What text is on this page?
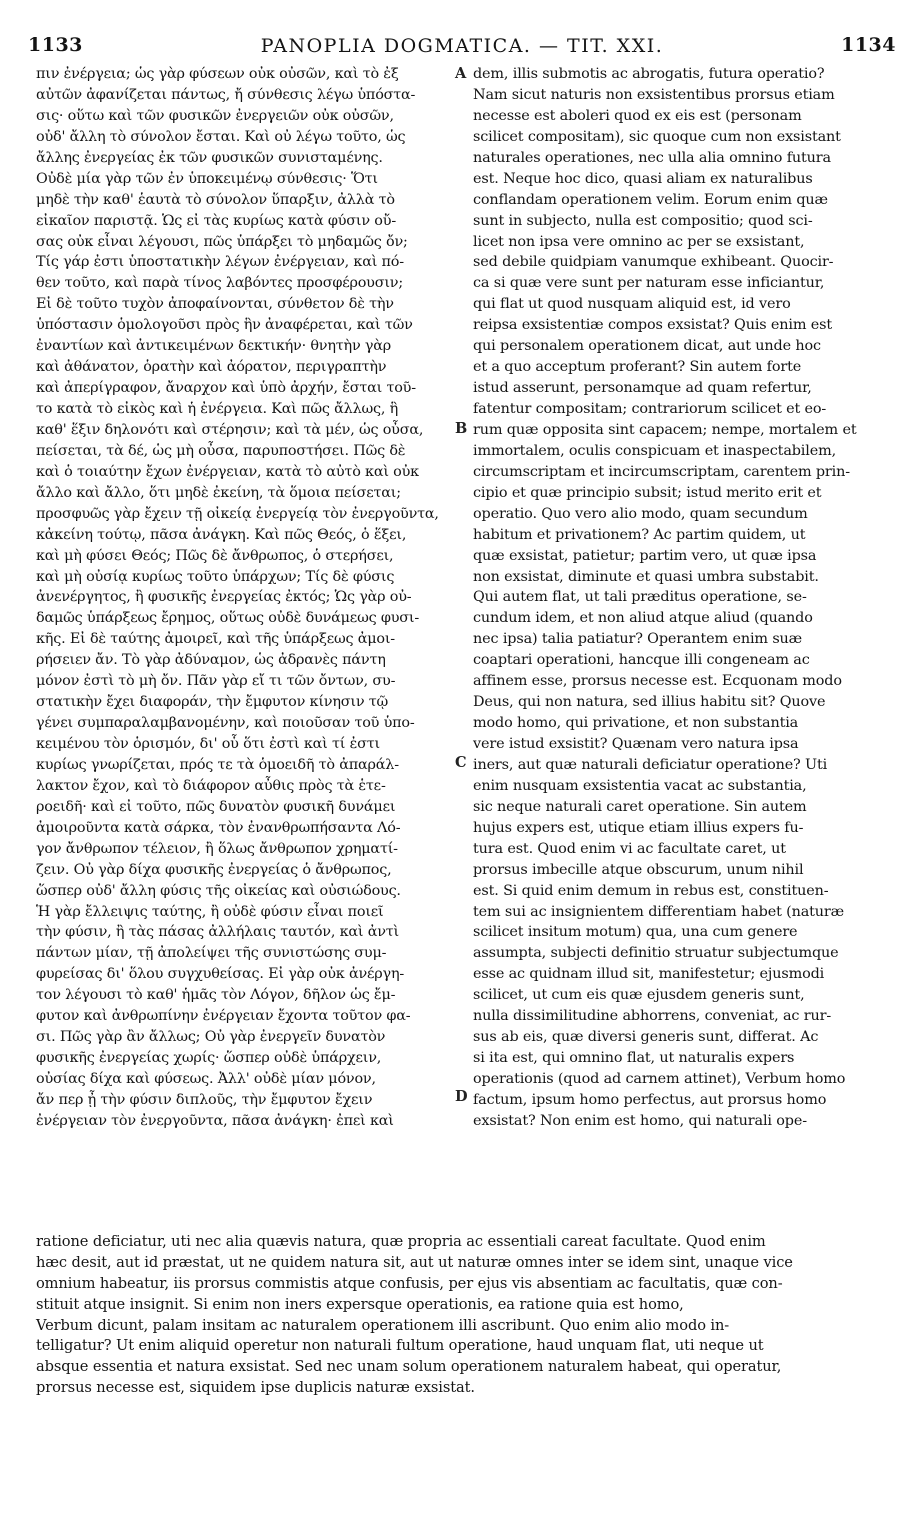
1133	PANOPLIA DOGMATICA. — TIT. XXI.	1134
πιν ἐνέργεια; ὡς γὰρ φύσεων οὐκ οὐσῶν, καὶ τὸ ἐξ
αὐτῶν ἀφανίζεται πάντως, ἤ σύνθεσις λέγω ὑπόστα-
σις· οὕτω καὶ τῶν φυσικῶν ἐνεργειῶν οὐκ οὐσῶν,
οὐδ' ἄλλη τὸ σύνολον ἔσται. Καὶ οὐ λέγω τοῦτο, ὡς
ἄλλης ἐνεργείας ἐκ τῶν φυσικῶν συνισταμένης.
Οὐδὲ μία γὰρ τῶν ἐν ὑποκειμένῳ σύνθεσις· Ὅτι
μηδὲ τὴν καθ' ἑαυτὰ τὸ σύνολον ὕπαρξιν, ἀλλὰ τὸ
εἰκαῖον παριστᾷ. Ὡς εἰ τὰς κυρίως κατὰ φύσιν οὔ-
σας οὐκ εἶναι λέγουσι, πῶς ὑπάρξει τὸ μηδαμῶς ὄν;
Τίς γάρ ἐστι ὑποστατικὴν λέγων ἐνέργειαν, καὶ πό-
θεν τοῦτο, καὶ παρὰ τίνος λαβόντες προσφέρουσιν;
Εἰ δὲ τοῦτο τυχὸν ἀποφαίνονται, σύνθετον δὲ τὴν
ὑπόστασιν ὁμολογοῦσι πρὸς ἣν ἀναφέρεται, καὶ τῶν
ἐναντίων καὶ ἀντικειμένων δεκτικήν· θνητὴν γὰρ
καὶ ἀθάνατον, ὁρατὴν καὶ ἀόρατον, περιγραπτὴν
καὶ ἀπερίγραφον, ἄναρχον καὶ ὑπὸ ἀρχήν, ἔσται τοῦ-
το κατὰ τὸ εἰκὸς καὶ ἡ ἐνέργεια. Καὶ πῶς ἄλλως, ἣ
καθ' ἕξιν δηλονότι καὶ στέρησιν; καὶ τὰ μέν, ὡς οὖσα,
πείσεται, τὰ δέ, ὡς μὴ οὖσα, παρυποστήσει. Πῶς δὲ
καὶ ὁ τοιαύτην ἔχων ἐνέργειαν, κατὰ τὸ αὐτὸ καὶ οὐκ
ἄλλο καὶ ἄλλο, ὅτι μηδὲ ἐκείνη, τὰ ὅμοια πείσεται;
προσφυῶς γὰρ ἔχειν τῇ οἰκείᾳ ἐνεργείᾳ τὸν ἐνεργοῦντα,
κἀκείνη τούτῳ, πᾶσα ἀνάγκη. Καὶ πῶς Θεός, ὁ ἕξει,
καὶ μὴ φύσει Θεός; Πῶς δὲ ἄνθρωπος, ὁ στερήσει,
καὶ μὴ οὐσίᾳ κυρίως τοῦτο ὑπάρχων; Τίς δὲ φύσις
ἀνενέργητος, ἢ φυσικῆς ἐνεργείας ἐκτός; Ὡς γὰρ οὐ-
δαμῶς ὑπάρξεως ἔρημος, οὕτως οὐδὲ δυνάμεως φυσι-
κῆς. Εἰ δὲ ταύτης ἀμοιρεῖ, καὶ τῆς ὑπάρξεως ἀμοι-
ρήσειεν ἄν. Τὸ γὰρ ἀδύναμον, ὡς ἀδρανὲς πάντη
μόνον ἐστὶ τὸ μὴ ὄν. Πᾶν γὰρ εἴ τι τῶν ὄντων, συ-
στατικὴν ἔχει διαφοράν, τὴν ἔμφυτον κίνησιν τῷ
γένει συμπαραλαμβανομένην, καὶ ποιοῦσαν τοῦ ὑπο-
κειμένου τὸν ὁρισμόν, δι' οὗ ὅτι ἐστὶ καὶ τί ἐστι
κυρίως γνωρίζεται, πρός τε τὰ ὁμοειδῆ τὸ ἀπαράλ-
λακτον ἔχον, καὶ τὸ διάφορον αὖθις πρὸς τὰ ἑτε-
ροειδῆ· καὶ εἰ τοῦτο, πῶς δυνατὸν φυσικῆ δυνάμει
ἀμοιροῦντα κατὰ σάρκα, τὸν ἐνανθρωπήσαντα Λό-
γον ἄνθρωπον τέλειον, ἢ ὅλως ἄνθρωπον χρηματί-
ζειν. Οὐ γὰρ δίχα φυσικῆς ἐνεργείας ὁ ἄνθρωπος,
ὥσπερ οὐδ' ἄλλη φύσις τῆς οἰκείας καὶ οὐσιώδους.
Ἡ γὰρ ἔλλειψις ταύτης, ἢ οὐδὲ φύσιν εἶναι ποιεῖ
τὴν φύσιν, ἢ τὰς πάσας ἀλλήλαις ταυτόν, καὶ ἀντὶ
πάντων μίαν, τῇ ἀπολείψει τῆς συνιστώσης συμ-
φυρείσας δι' ὅλου συγχυθείσας. Εἰ γὰρ οὐκ ἀνέργη-
τον λέγουσι τὸ καθ' ἡμᾶς τὸν Λόγον, δῆλον ὡς ἔμ-
φυτον καὶ ἀνθρωπίνην ἐνέργειαν ἔχοντα τοῦτον φα-
σι. Πῶς γὰρ ἂν ἄλλως; Οὐ γὰρ ἐνεργεῖν δυνατὸν
φυσικῆς ἐνεργείας χωρίς· ὥσπερ οὐδὲ ὑπάρχειν,
οὐσίας δίχα καὶ φύσεως. Ἀλλ' οὐδὲ μίαν μόνον,
ἄν περ ᾖ τὴν φύσιν διπλοῦς, τὴν ἔμφυτον ἔχειν
ἐνέργειαν τὸν ἐνεργοῦντα, πᾶσα ἀνάγκη· ἐπεὶ καὶ
dem, illis submotis ac abrogatis, futura operatio?
Nam sicut naturis non exsistentibus prorsus etiam
necesse est aboleri quod ex eis est (personam
scilicet compositam), sic quoque cum non exsistant
naturales operationes, nec ulla alia omnino futura
est. Neque hoc dico, quasi aliam ex naturalibus
conflandam operationem velim. Eorum enim quæ
sunt in subjecto, nulla est compositio; quod sci-
licet non ipsa vere omnino ac per se exsistant,
sed debile quidpiam vanumque exhibeant. Quocir-
ca si quæ vere sunt per naturam esse inficiantur,
qui flat ut quod nusquam aliquid est, id vero
reipsa exsistentiæ compos exsistat? Quis enim est
qui personalem operationem dicat, aut unde hoc
et a quo acceptum proferant? Sin autem forte
istud asserunt, personamque ad quam refertur,
fatentur compositam; contrariorum scilicet et eo-
rum quæ opposita sint capacem; nempe, mortalem et
immortalem, oculis conspicuam et inaspectabilem,
circumscriptam et incircumscriptam, carentem prin-
cipio et quæ principio subsit; istud merito erit et
operatio. Quo vero alio modo, quam secundum
habitum et privationem? Ac partim quidem, ut
quæ exsistat, patietur; partim vero, ut quæ ipsa
non exsistat, diminute et quasi umbra substabit.
Qui autem flat, ut tali præditus operatione, se-
cundum idem, et non aliud atque aliud (quando
nec ipsa) talia patiatur? Operantem enim suæ
coaptari operationi, hancque illi congeneam ac
affinem esse, prorsus necesse est. Ecquonam modo
Deus, qui non natura, sed illius habitu sit? Quove
modo homo, qui privatione, et non substantia
vere istud exsistit? Quænam vero natura ipsa
iners, aut quæ naturali deficiatur operatione? Uti
enim nusquam exsistentia vacat ac substantia,
sic neque naturali caret operatione. Sin autem
hujus expers est, utique etiam illius expers fu-
tura est. Quod enim vi ac facultate caret, ut
prorsus imbecille atque obscurum, unum nihil
est. Si quid enim demum in rebus est, constituen-
tem sui ac insignientem differentiam habet (naturæ
scilicet insitum motum) qua, una cum genere
assumpta, subjecti definitio struatur subjectumque
esse ac quidnam illud sit, manifestetur; ejusmodi
scilicet, ut cum eis quæ ejusdem generis sunt,
nulla dissimilitudine abhorrens, conveniat, ac rur-
sus ab eis, quæ diversi generis sunt, differat. Ac
si ita est, qui omnino flat, ut naturalis expers
operationis (quod ad carnem attinet), Verbum homo
factum, ipsum homo perfectus, aut prorsus homo
exsistat? Non enim est homo, qui naturali ope-
A
B
C
D
ratione deficiatur, uti nec alia quævis natura, quæ propria ac essentiali careat facultate. Quod enim
hæc desit, aut id præstat, ut ne quidem natura sit, aut ut naturæ omnes inter se idem sint, unaque vice
omnium habeatur, iis prorsus commistis atque confusis, per ejus vis absentiam ac facultatis, quæ con-
stituit atque insignit. Si enim non iners expersque operationis, ea ratione quia est homo,
Verbum dicunt, palam insitam ac naturalem operationem illi ascribunt. Quo enim alio modo in-
telligatur? Ut enim aliquid operetur non naturali fultum operatione, haud unquam flat, uti neque ut
absque essentia et natura exsistat. Sed nec unam solum operationem naturalem habeat, qui operatur,
prorsus necesse est, siquidem ipse duplicis naturæ exsistat.
